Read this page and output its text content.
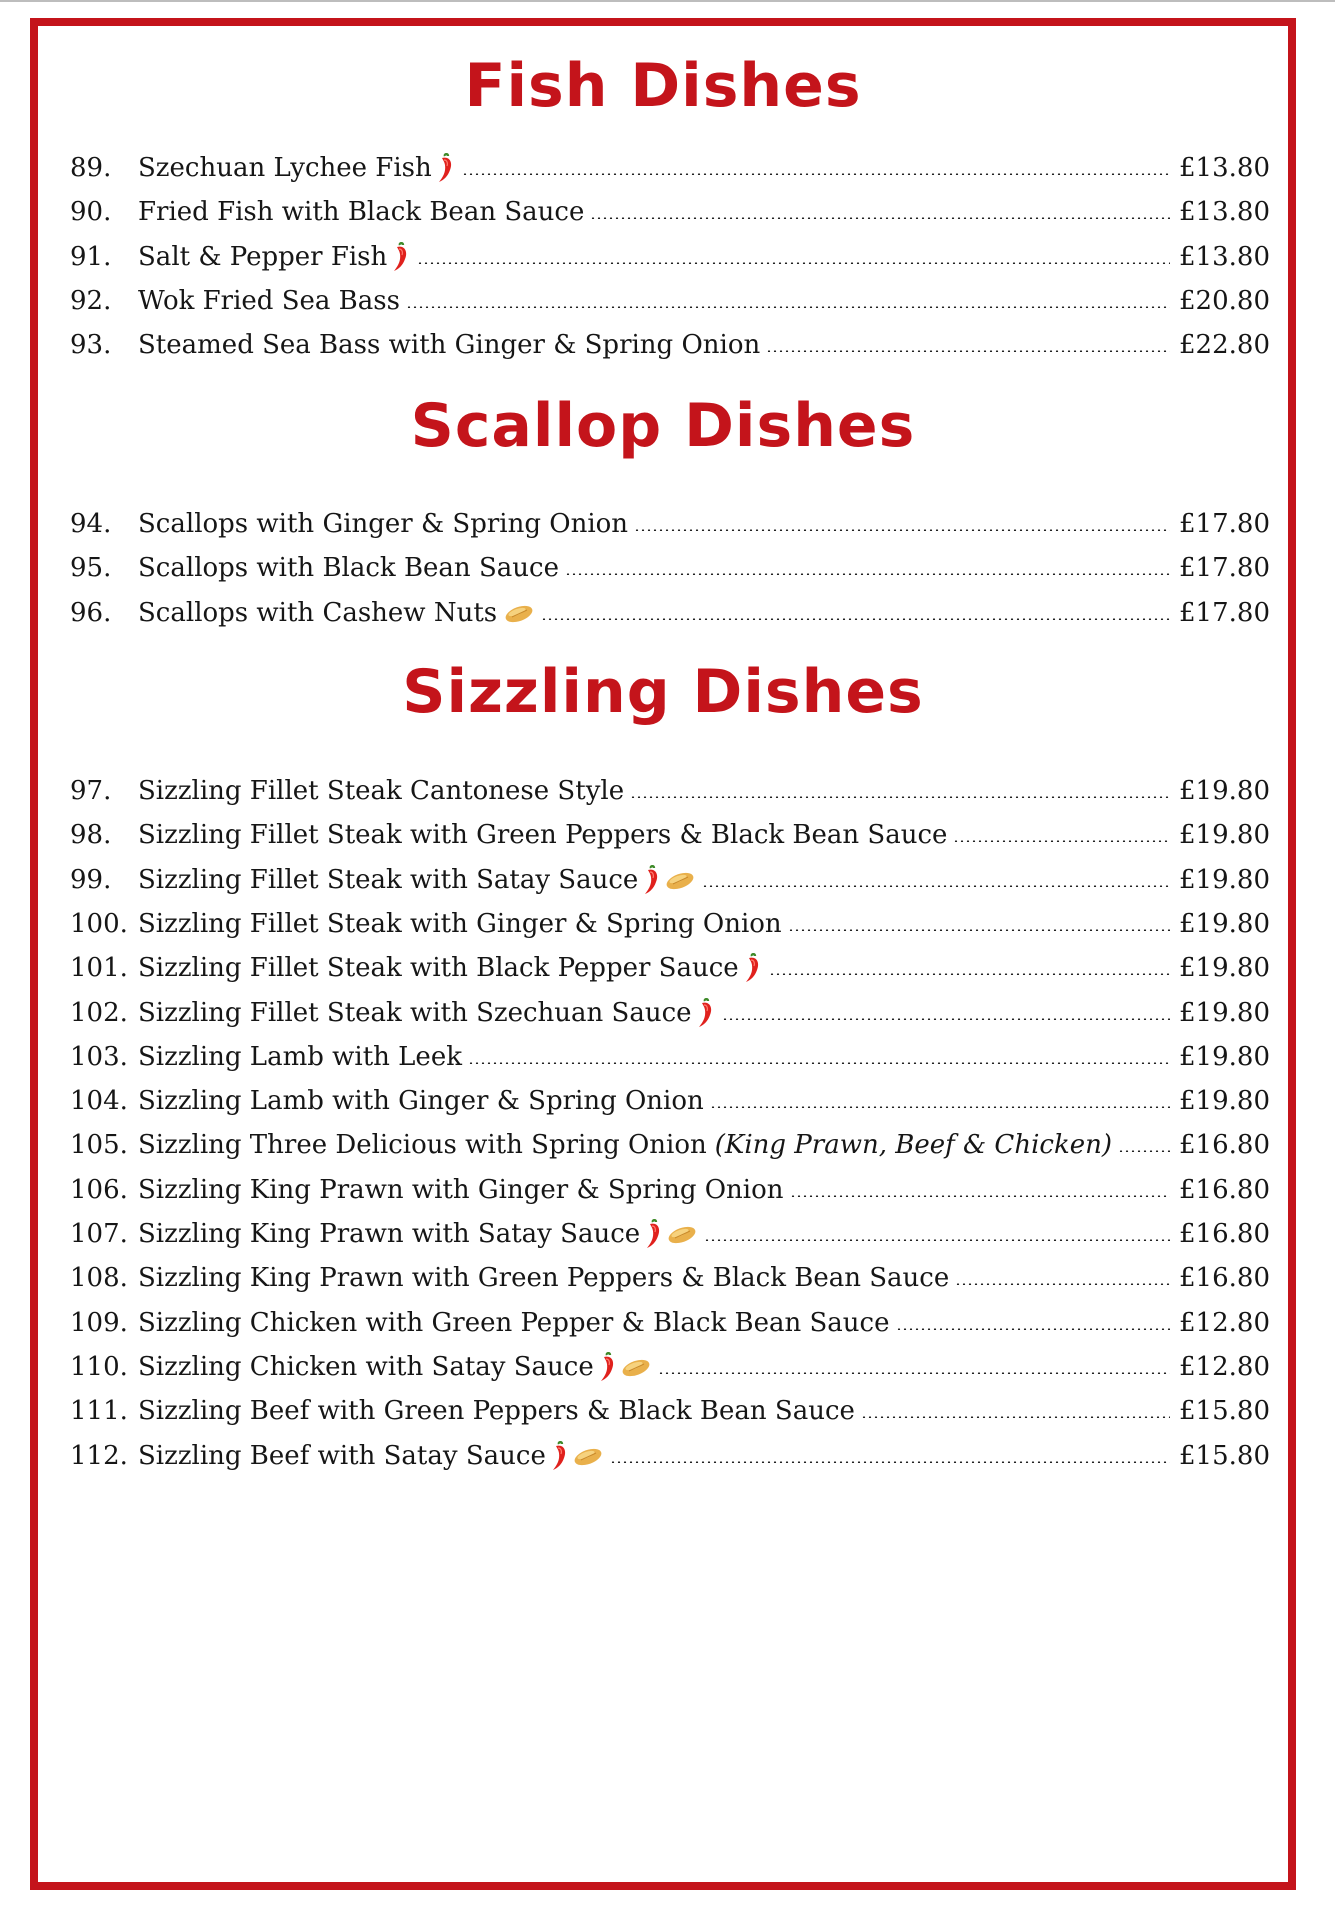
Fish Dishes
89.	Szechuan Lychee Fish	£13.80
90.	Fried Fish with Black Bean Sauce	£13.80
91.	Salt & Pepper Fish	£13.80
92.	Wok Fried Sea Bass	£20.80
93.	Steamed Sea Bass with Ginger & Spring Onion	£22.80
Scallop Dishes
94.	Scallops with Ginger & Spring Onion	£17.80
95.	Scallops with Black Bean Sauce	£17.80
96.	Scallops with Cashew Nuts	£17.80
Sizzling Dishes
97.	Sizzling Fillet Steak Cantonese Style	£19.80
98.	Sizzling Fillet Steak with Green Peppers & Black Bean Sauce	£19.80
99.	Sizzling Fillet Steak with Satay Sauce	£19.80
100. Sizzling Fillet Steak with Ginger & Spring Onion	£19.80
101. Sizzling Fillet Steak with Black Pepper Sauce	£19.80
102. Sizzling Fillet Steak with Szechuan Sauce	£19.80
103. Sizzling Lamb with Leek	£19.80
104. Sizzling Lamb with Ginger & Spring Onion	£19.80
105. Sizzling Three Delicious with Spring Onion (King Prawn, Beef & Chicken)	£16.80
106. Sizzling King Prawn with Ginger & Spring Onion	£16.80
107. Sizzling King Prawn with Satay Sauce	£16.80
108. Sizzling King Prawn with Green Peppers & Black Bean Sauce	£16.80
109. Sizzling Chicken with Green Pepper & Black Bean Sauce	£12.80
110. Sizzling Chicken with Satay Sauce	£12.80
111. Sizzling Beef with Green Peppers & Black Bean Sauce	£15.80
112. Sizzling Beef with Satay Sauce	£15.80
